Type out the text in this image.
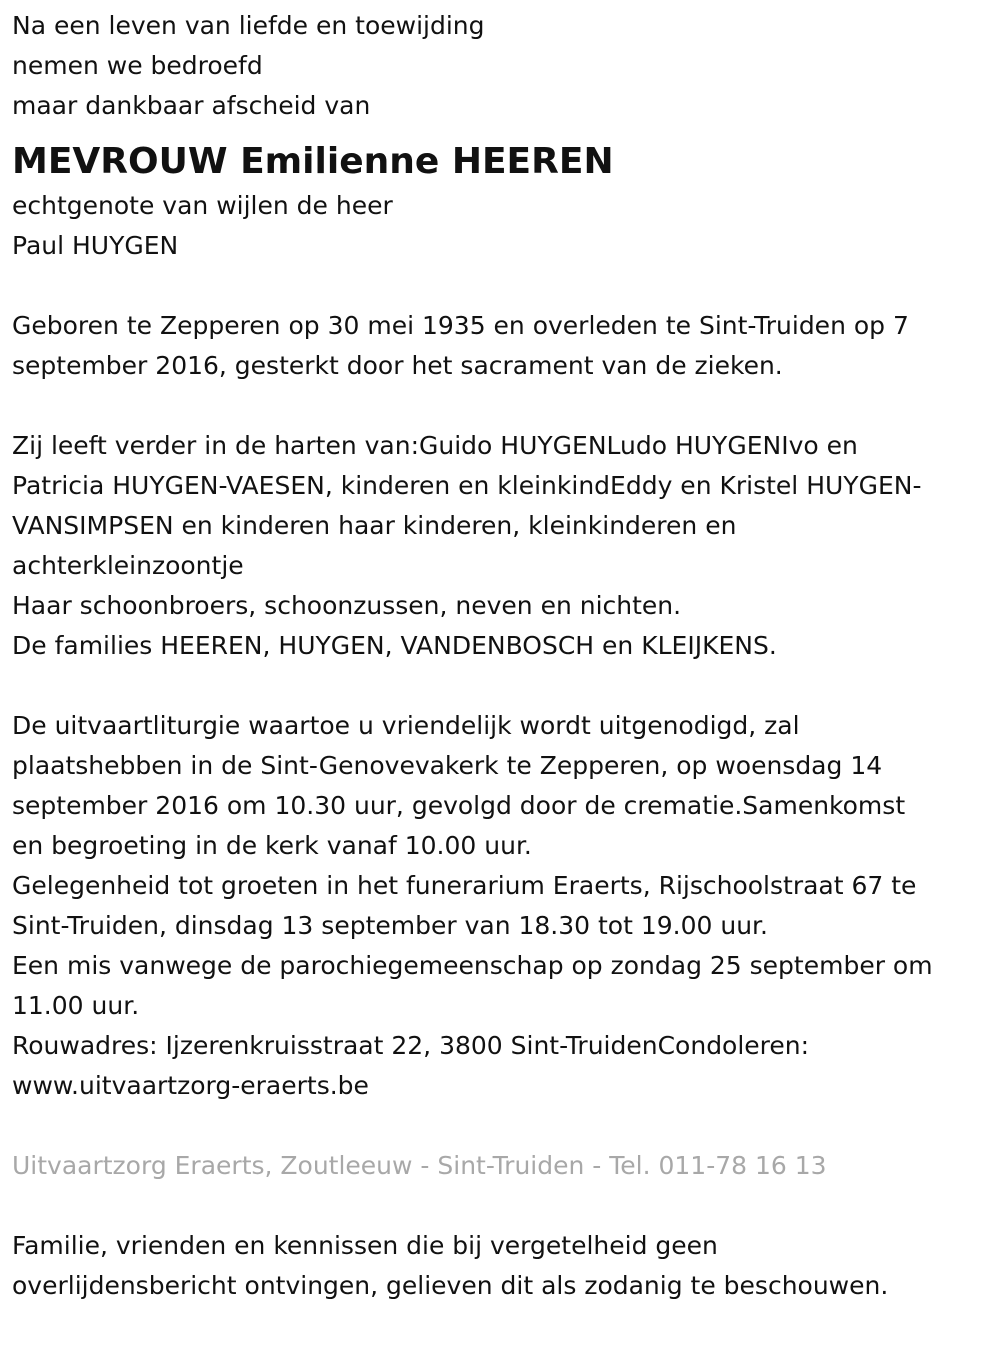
Na een leven van liefde en toewijding
nemen we bedroefd
maar dankbaar afscheid van

MEVROUW Emilienne HEEREN

echtgenote van wijlen de heer
Paul HUYGEN

Geboren te Zepperen op 30 mei 1935 en overleden te Sint-Truiden op 7
september 2016, gesterkt door het sacrament van de zieken.

Zij leeft verder in de harten van:Guido HUYGENLudo HUYGENIvo en
Patricia HUYGEN-VAESEN, kinderen en kleinkindEddy en Kristel HUYGEN-
VANSIMPSEN en kinderen haar kinderen, kleinkinderen en
achterkleinzoontje
Haar schoonbroers, schoonzussen, neven en nichten.
De families HEEREN, HUYGEN, VANDENBOSCH en KLEIJKENS.

De uitvaartliturgie waartoe u vriendelijk wordt uitgenodigd, zal
plaatshebben in de Sint-Genovevakerk te Zepperen, op woensdag 14
september 2016 om 10.30 uur, gevolgd door de crematie.Samenkomst
en begroeting in de kerk vanaf 10.00 uur.
Gelegenheid tot groeten in het funerarium Eraerts, Rijschoolstraat 67 te
Sint-Truiden, dinsdag 13 september van 18.30 tot 19.00 uur.
Een mis vanwege de parochiegemeenschap op zondag 25 september om
11.00 uur.
Rouwadres: Ijzerenkruisstraat 22, 3800 Sint-TruidenCondoleren:
www.uitvaartzorg-eraerts.be

Uitvaartzorg Eraerts, Zoutleeuw - Sint-Truiden - Tel. 011-78 16 13

Familie, vrienden en kennissen die bij vergetelheid geen
overlijdensbericht ontvingen, gelieven dit als zodanig te beschouwen.
